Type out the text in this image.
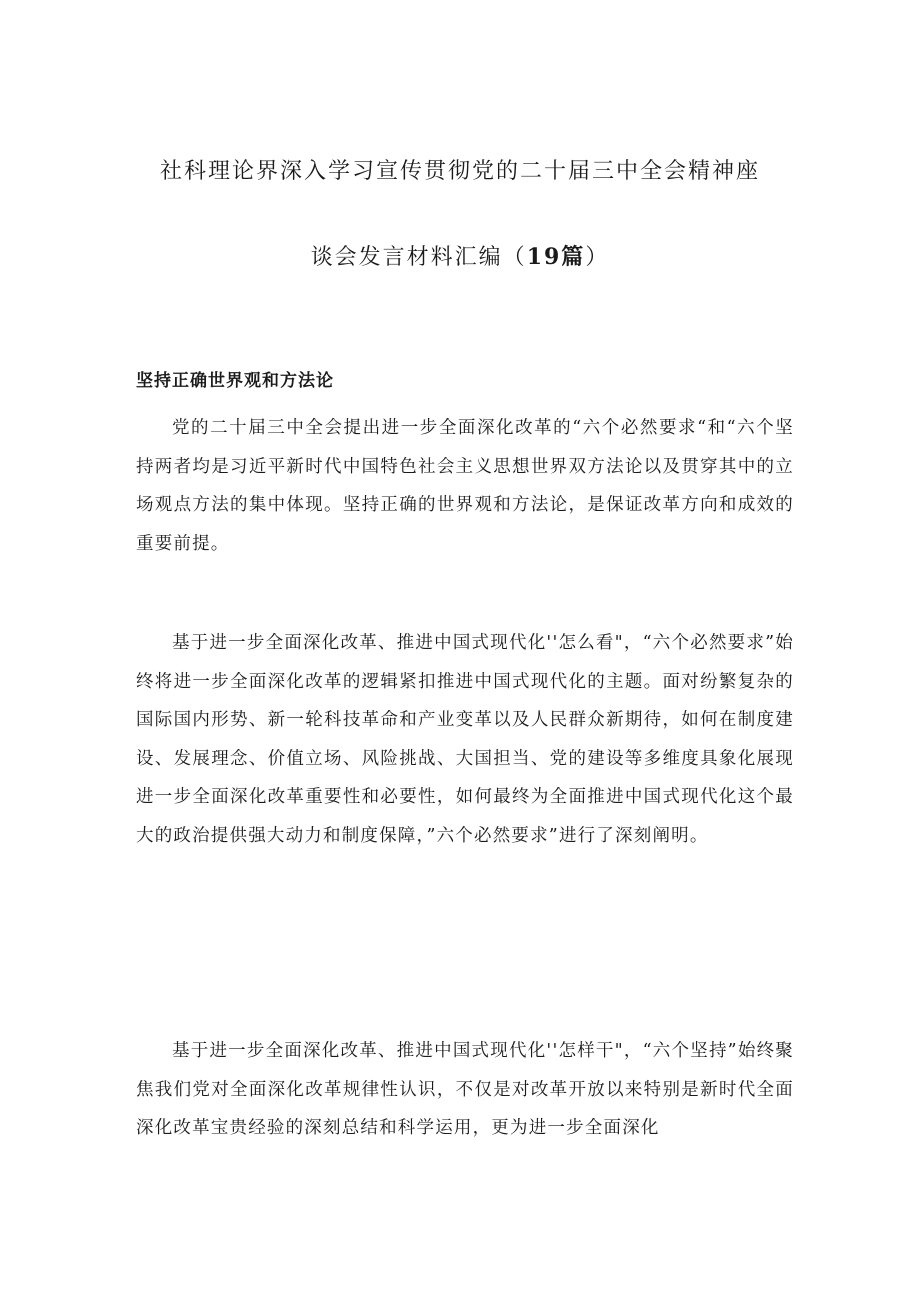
社科理论界深入学习宣传贯彻党的二十届三中全会精神座
谈会发言材料汇编（19篇）
坚持正确世界观和方法论

党的二十届三中全会提出进一步全面深化改革的“六个必然要求“和“六个坚持两者均是习近平新时代中国特色社会主义思想世界双方法论以及贯穿其中的立场观点方法的集中体现。坚持正确的世界观和方法论，是保证改革方向和成效的重要前提。

基于进一步全面深化改革、推进中国式现代化''怎么看"，“六个必然要求”始终将进一步全面深化改革的逻辑紧扣推进中国式现代化的主题。面对纷繁复杂的国际国内形势、新一轮科技革命和产业变革以及人民群众新期待，如何在制度建设、发展理念、价值立场、风险挑战、大国担当、党的建设等多维度具象化展现进一步全面深化改革重要性和必要性，如何最终为全面推进中国式现代化这个最大的政治提供强大动力和制度保障，”六个必然要求”进行了深刻阐明。

基于进一步全面深化改革、推进中国式现代化''怎样干"，“六个坚持”始终聚焦我们党对全面深化改革规律性认识，不仅是对改革开放以来特别是新时代全面深化改革宝贵经验的深刻总结和科学运用，更为进一步全面深化
